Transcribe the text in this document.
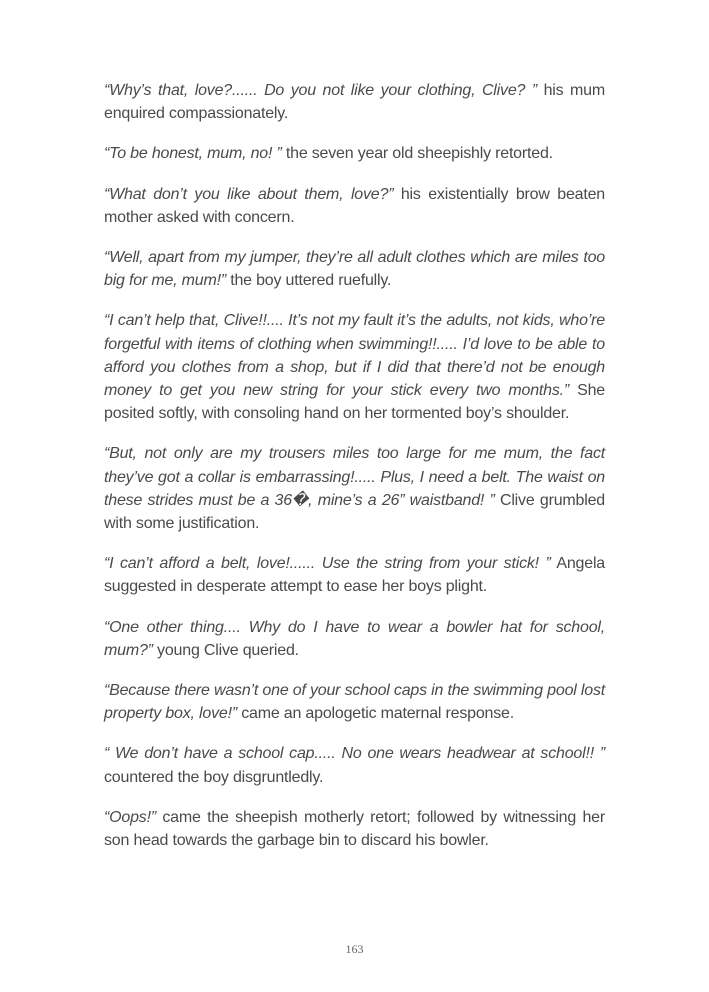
“Why’s that, love?...... Do you not like your clothing, Clive? ” his mum enquired compassionately.

“To be honest, mum, no! ” the seven year old sheepishly retorted.

“What don’t you like about them, love?” his existentially brow beaten mother asked with concern.

“Well, apart from my jumper, they’re all adult clothes which are miles too big for me, mum!” the boy uttered ruefully.

“I can’t help that, Clive!!.... It’s not my fault it’s the adults, not kids, who’re forgetful with items of clothing when swimming!!..... I’d love to be able to afford you clothes from a shop, but if I did that there’d not be enough money to get you new string for your stick every two months.” She posited softly, with consoling hand on her tormented boy’s shoulder.

“But, not only are my trousers miles too large for me mum, the fact they’ve got a collar is embarrassing!..... Plus, I need a belt. The waist on these strides must be a 36�, mine’s a 26” waistband! ” Clive grumbled with some justification.

“I can’t afford a belt, love!...... Use the string from your stick! ” Angela suggested in desperate attempt to ease her boys plight.

“One other thing.... Why do I have to wear a bowler hat for school, mum?” young Clive queried.

“Because there wasn’t one of your school caps in the swimming pool lost property box, love!” came an apologetic maternal response.

“ We don’t have a school cap..... No one wears headwear at school!! ” countered the boy disgruntledly.

“Oops!” came the sheepish motherly retort; followed by witnessing her son head towards the garbage bin to discard his bowler.

163
